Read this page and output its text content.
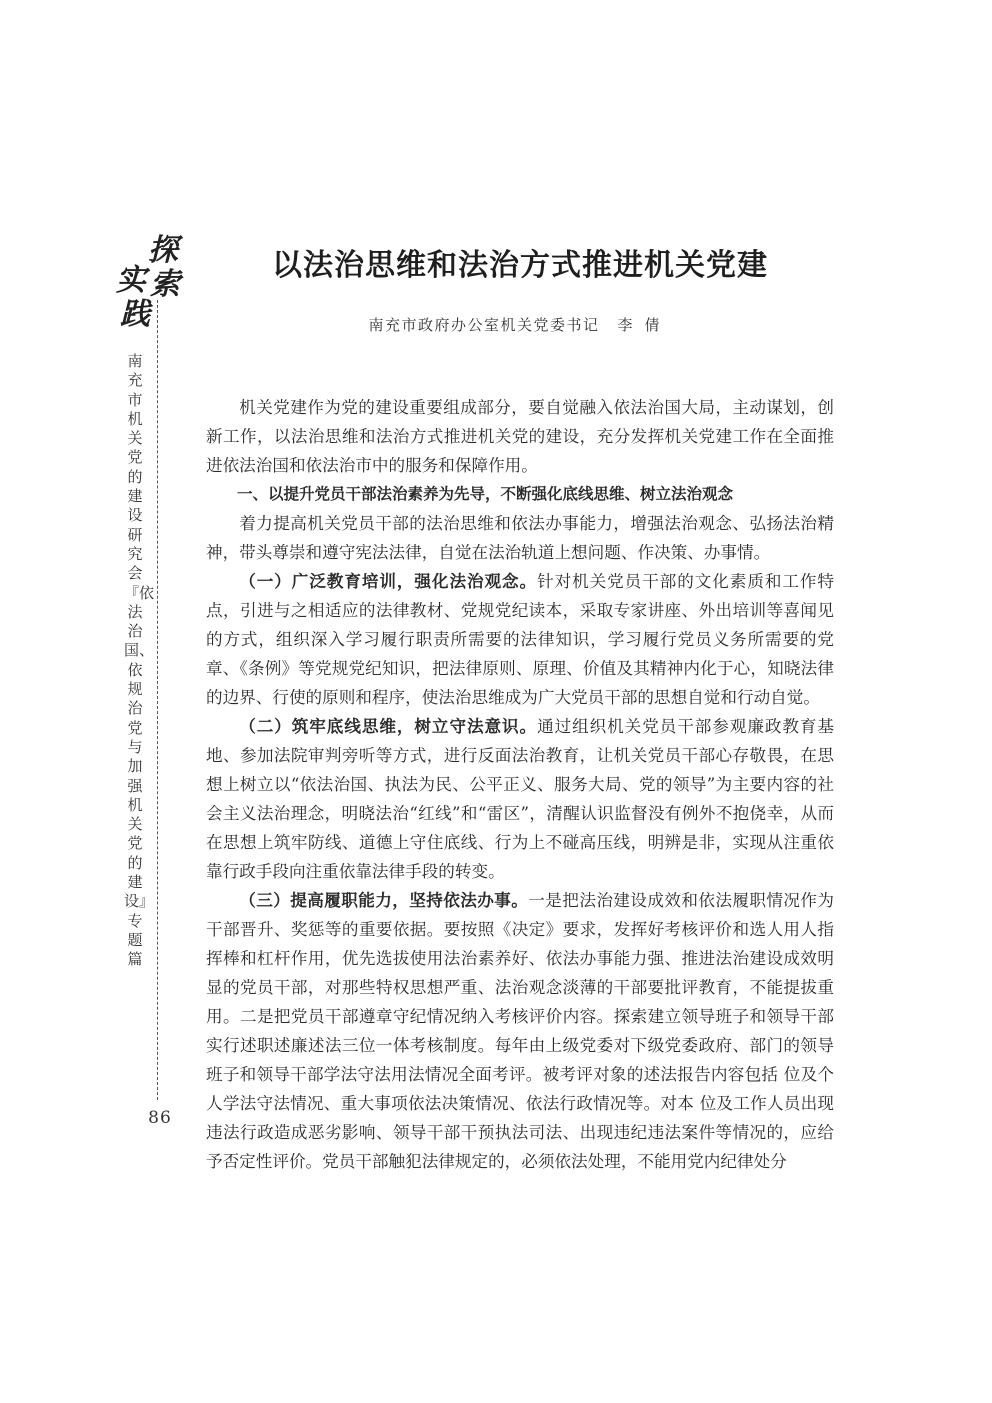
探
索
实
践
南充市机关党的建设研究会『依法治国、依规治党与加强机关党的建设』专题篇
86
以法治思维和法治方式推进机关党建
南充市政府办公室机关党委书记 李倩

机关党建作为党的建设重要组成部分，要自觉融入依法治国大局，主动谋划，创新工作，以法治思维和法治方式推进机关党的建设，充分发挥机关党建工作在全面推进依法治国和依法治市中的服务和保障作用。

一、以提升党员干部法治素养为先导，不断强化底线思维、树立法治观念

着力提高机关党员干部的法治思维和依法办事能力，增强法治观念、弘扬法治精神，带头尊崇和遵守宪法法律，自觉在法治轨道上想问题、作决策、办事情。

（一）广泛教育培训，强化法治观念。针对机关党员干部的文化素质和工作特点，引进与之相适应的法律教材、党规党纪读本，采取专家讲座、外出培训等喜闻见的方式，组织深入学习履行职责所需要的法律知识，学习履行党员义务所需要的党章、《条例》等党规党纪知识，把法律原则、原理、价值及其精神内化于心，知晓法律的边界、行使的原则和程序，使法治思维成为广大党员干部的思想自觉和行动自觉。

（二）筑牢底线思维，树立守法意识。通过组织机关党员干部参观廉政教育基地、参加法院审判旁听等方式，进行反面法治教育，让机关党员干部心存敬畏，在思想上树立以“依法治国、执法为民、公平正义、服务大局、党的领导”为主要内容的社会主义法治理念，明晓法治“红线”和“雷区”，清醒认识监督没有例外不抱侥幸，从而在思想上筑牢防线、道德上守住底线、行为上不碰高压线，明辨是非，实现从注重依靠行政手段向注重依靠法律手段的转变。

（三）提高履职能力，坚持依法办事。一是把法治建设成效和依法履职情况作为干部晋升、奖惩等的重要依据。要按照《决定》要求，发挥好考核评价和选人用人指挥棒和杠杆作用，优先选拔使用法治素养好、依法办事能力强、推进法治建设成效明显的党员干部，对那些特权思想严重、法治观念淡薄的干部要批评教育，不能提拔重用。二是把党员干部遵章守纪情况纳入考核评价内容。探索建立领导班子和领导干部实行述职述廉述法三位一体考核制度。每年由上级党委对下级党委政府、部门的领导班子和领导干部学法守法用法情况全面考评。被考评对象的述法报告内容包括 位及个人学法守法情况、重大事项依法决策情况、依法行政情况等。对本 位及工作人员出现违法行政造成恶劣影响、领导干部干预执法司法、出现违纪违法案件等情况的，应给予否定性评价。党员干部触犯法律规定的，必须依法处理，不能用党内纪律处分
